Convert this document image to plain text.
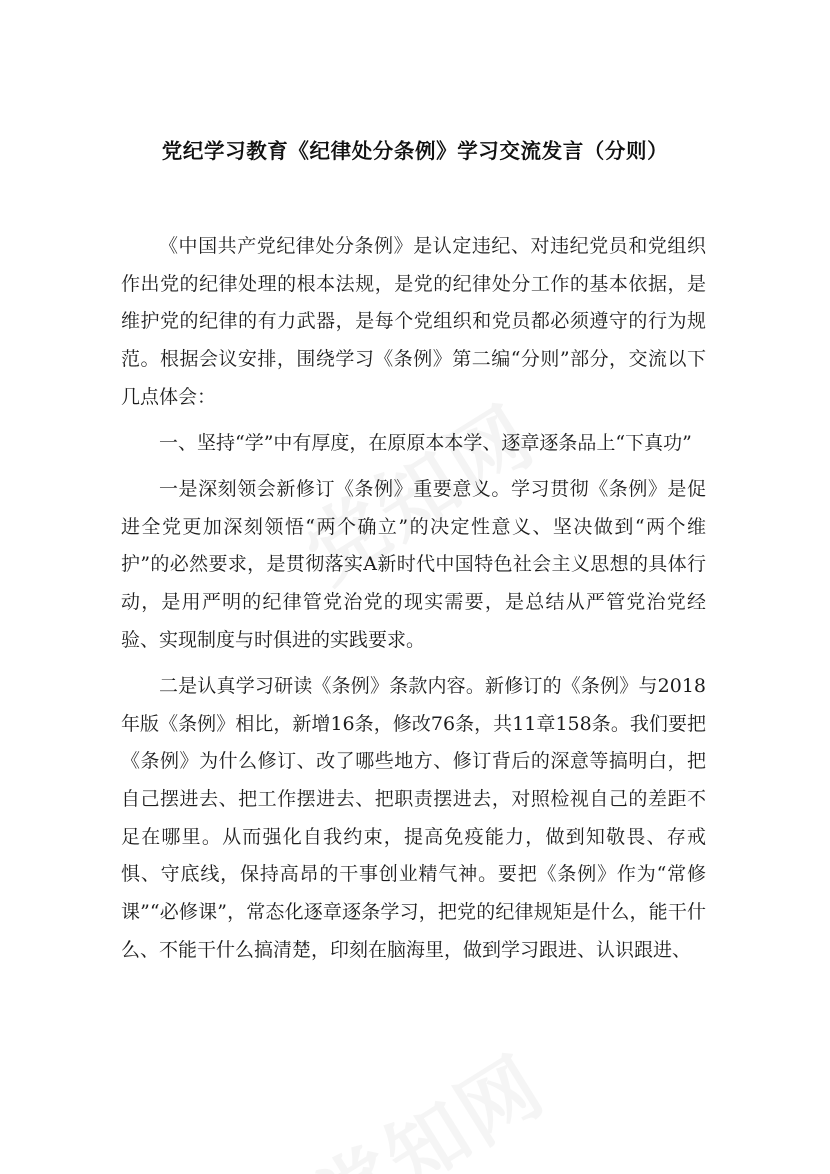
党纪学习教育《纪律处分条例》学习交流发言（分则）

《中国共产党纪律处分条例》是认定违纪、对违纪党员和党组织作出党的纪律处理的根本法规，是党的纪律处分工作的基本依据，是维护党的纪律的有力武器，是每个党组织和党员都必须遵守的行为规范。根据会议安排，围绕学习《条例》第二编“分则”部分，交流以下几点体会：

一、坚持“学”中有厚度，在原原本本学、逐章逐条品上“下真功”

一是深刻领会新修订《条例》重要意义。学习贯彻《条例》是促进全党更加深刻领悟“两个确立”的决定性意义、坚决做到“两个维护”的必然要求，是贯彻落实A新时代中国特色社会主义思想的具体行动，是用严明的纪律管党治党的现实需要，是总结从严管党治党经验、实现制度与时俱进的实践要求。

二是认真学习研读《条例》条款内容。新修订的《条例》与2018年版《条例》相比，新增16条，修改76条，共11章158条。我们要把《条例》为什么修订、改了哪些地方、修订背后的深意等搞明白，把自己摆进去、把工作摆进去、把职责摆进去，对照检视自己的差距不足在哪里。从而强化自我约束，提高免疫能力，做到知敬畏、存戒惧、守底线，保持高昂的干事创业精气神。要把《条例》作为“常修课”“必修课”，常态化逐章逐条学习，把党的纪律规矩是什么，能干什么、不能干什么搞清楚，印刻在脑海里，做到学习跟进、认识跟进、
